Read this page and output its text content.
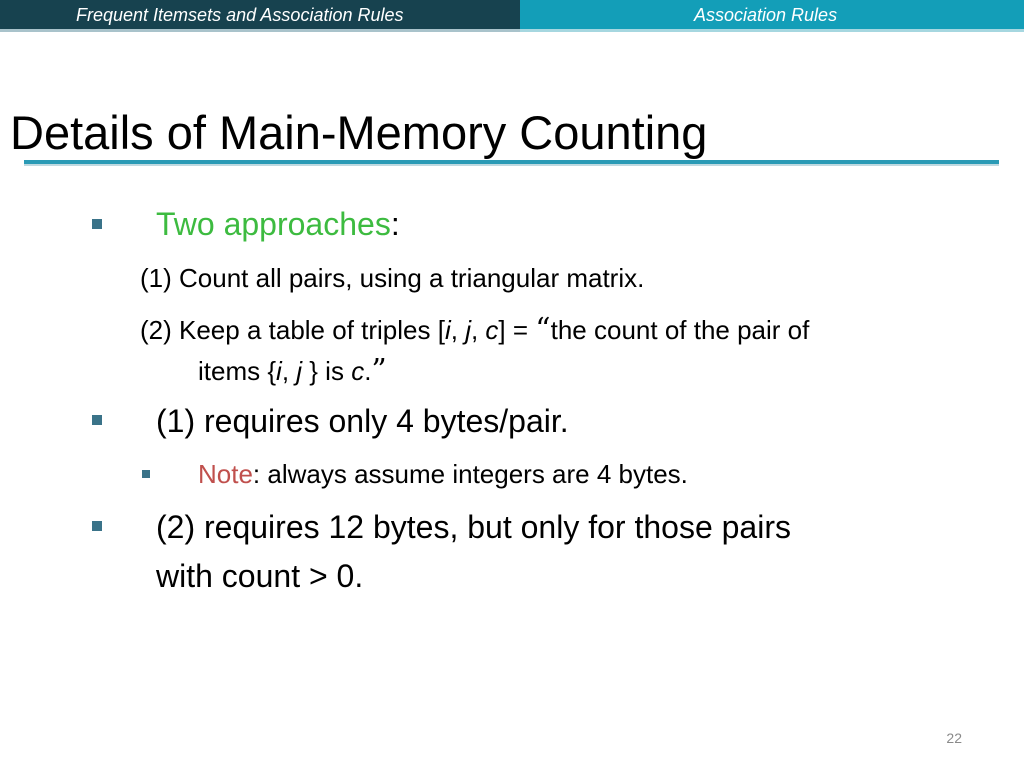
Frequent Itemsets and Association Rules	Association Rules
Details of Main-Memory Counting
Two approaches:
(1) Count all pairs, using a triangular matrix.
(2) Keep a table of triples [i, j, c] = “the count of the pair of
items {i, j } is c.”
(1) requires only 4 bytes/pair.
Note: always assume integers are 4 bytes.
(2) requires 12 bytes, but only for those pairs
with count > 0.
22
